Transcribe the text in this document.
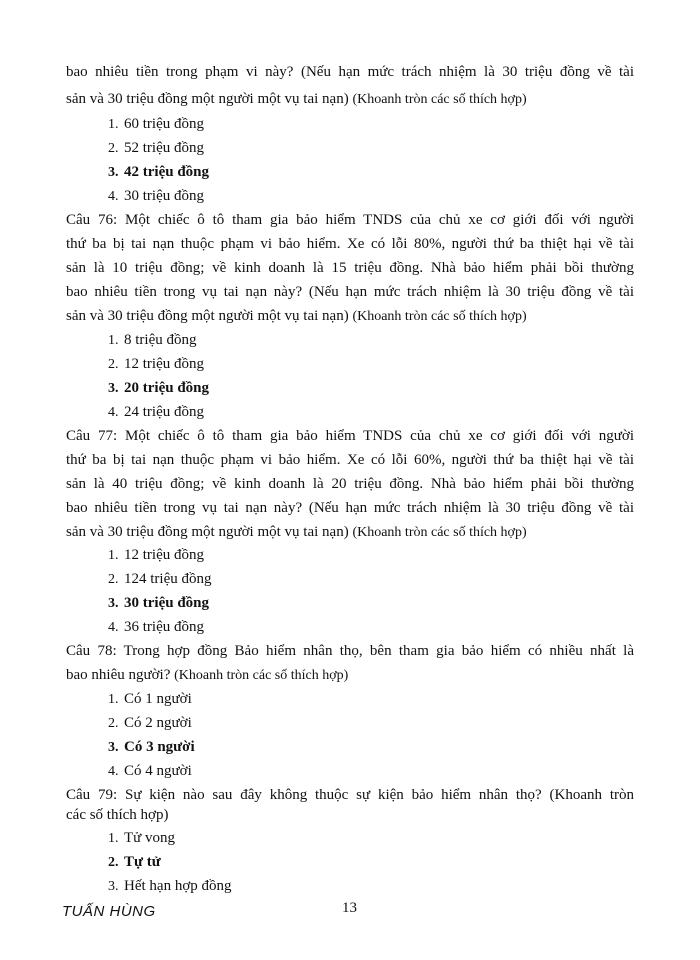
bao nhiêu tiền trong phạm vi này? (Nếu hạn mức trách nhiệm là 30 triệu đồng về tài
sản và 30 triệu đồng một người một vụ tai nạn) (Khoanh tròn các số thích hợp)
1. 60 triệu đồng
2. 52 triệu đồng
3. 42 triệu đồng
4. 30 triệu đồng
Câu 76: Một chiếc ô tô tham gia bảo hiểm TNDS của chủ xe cơ giới đối với người
thứ ba bị tai nạn thuộc phạm vi bảo hiểm. Xe có lỗi 80%, người thứ ba thiệt hại về tài
sản là 10 triệu đồng; về kinh doanh là 15 triệu đồng. Nhà bảo hiểm phải bồi thường
bao nhiêu tiền trong vụ tai nạn này? (Nếu hạn mức trách nhiệm là 30 triệu đồng về tài
sản và 30 triệu đồng một người một vụ tai nạn) (Khoanh tròn các số thích hợp)
1. 8 triệu đồng
2. 12 triệu đồng
3. 20 triệu đồng
4. 24 triệu đồng
Câu 77: Một chiếc ô tô tham gia bảo hiểm TNDS của chủ xe cơ giới đối với người
thứ ba bị tai nạn thuộc phạm vi bảo hiểm. Xe có lỗi 60%, người thứ ba thiệt hại về tài
sản là 40 triệu đồng; về kinh doanh là 20 triệu đồng. Nhà bảo hiểm phải bồi thường
bao nhiêu tiền trong vụ tai nạn này? (Nếu hạn mức trách nhiệm là 30 triệu đồng về tài
sản và 30 triệu đồng một người một vụ tai nạn) (Khoanh tròn các số thích hợp)
1. 12 triệu đồng
2. 124 triệu đồng
3. 30 triệu đồng
4. 36 triệu đồng
Câu 78: Trong hợp đồng Bảo hiểm nhân thọ, bên tham gia bảo hiểm có nhiều nhất là
bao nhiêu người? (Khoanh tròn các số thích hợp)
1. Có 1 người
2. Có 2 người
3. Có 3 người
4. Có 4 người
Câu 79: Sự kiện nào sau đây không thuộc sự kiện bảo hiểm nhân thọ? (Khoanh tròn
các số thích hợp)
1. Tử vong
2. Tự tử
3. Hết hạn hợp đồng
TUẤN HÙNG	13
